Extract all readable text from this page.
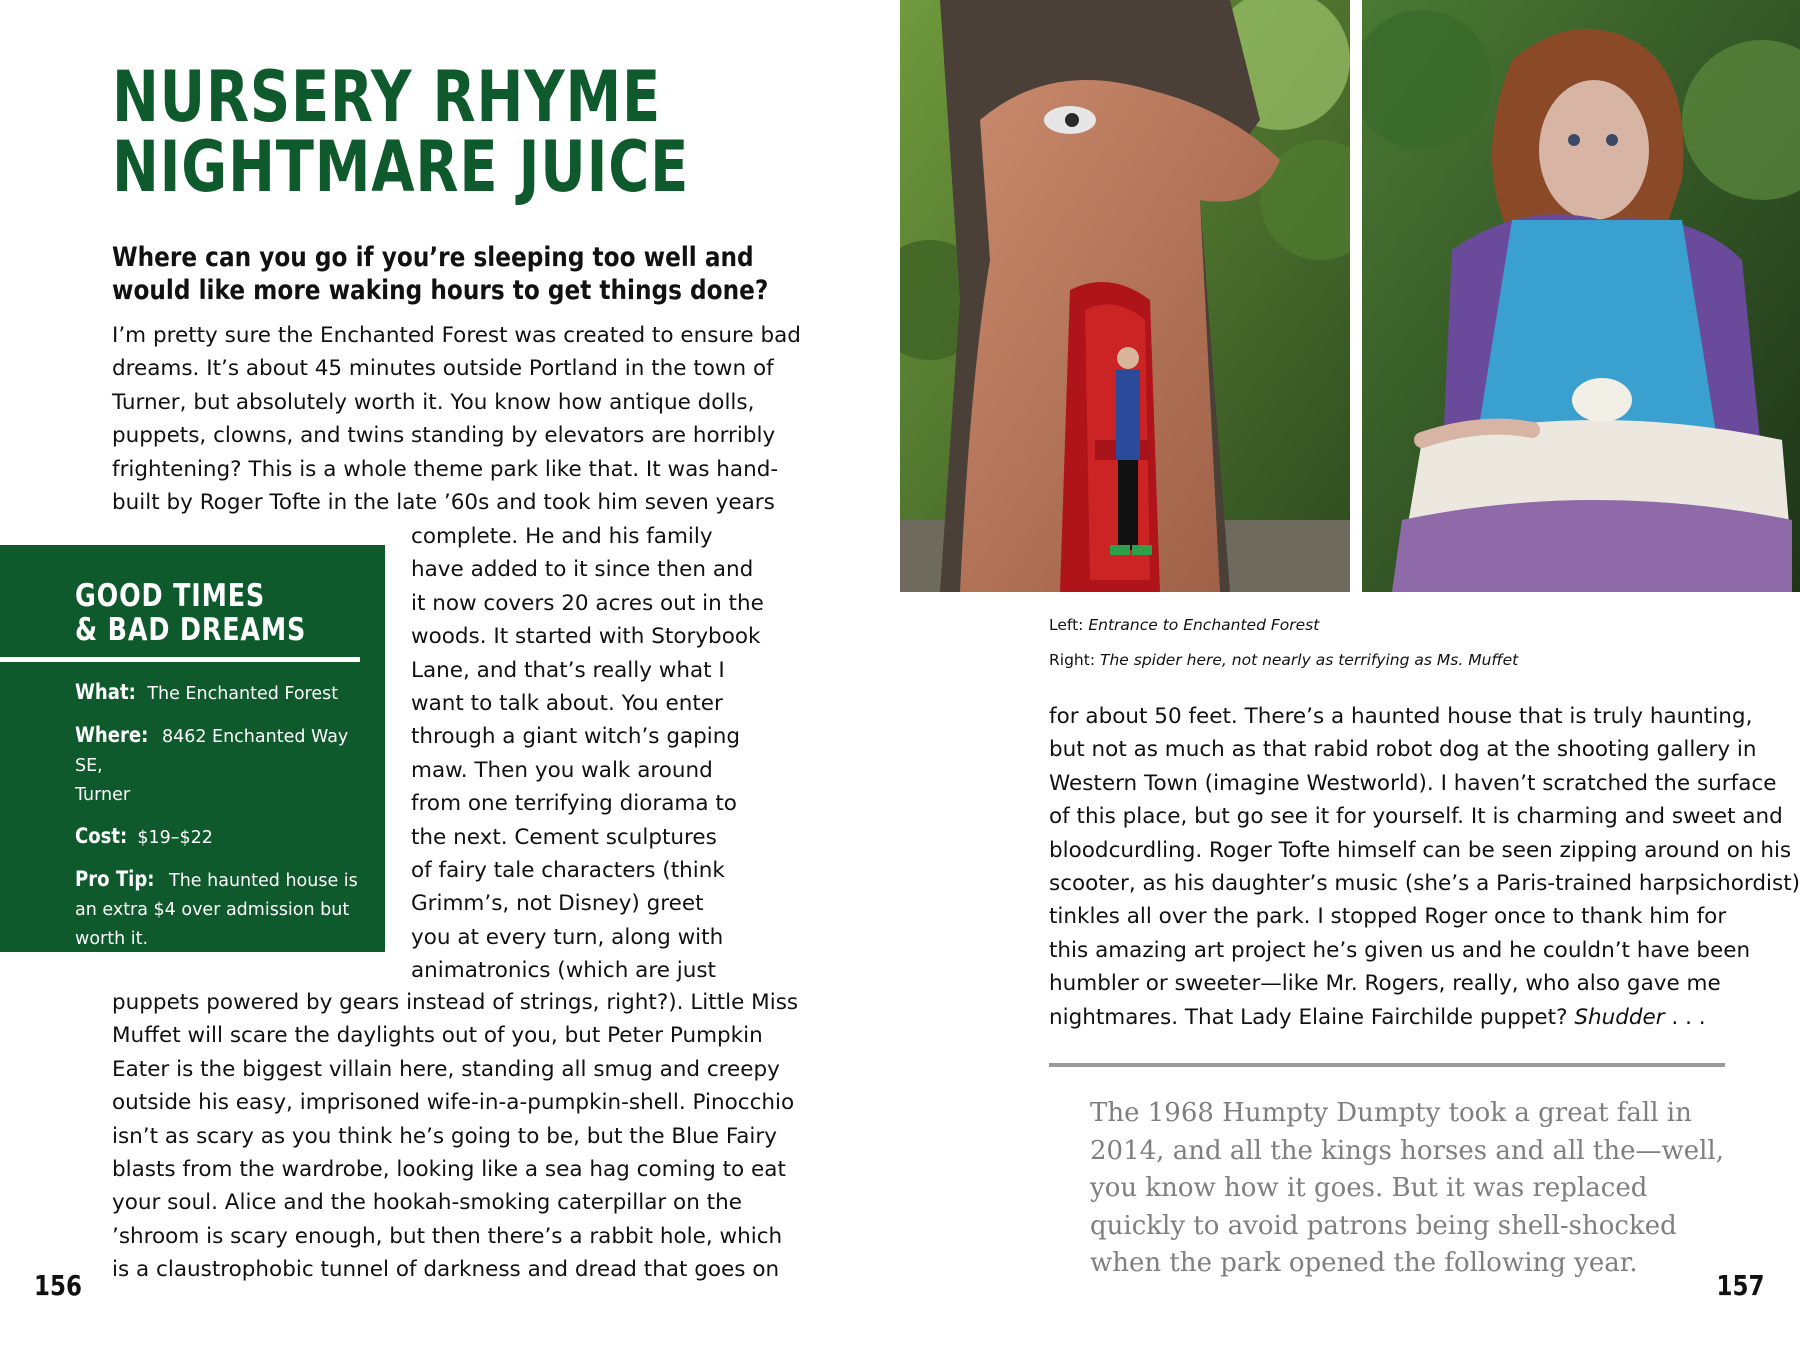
NURSERY RHYME
NIGHTMARE JUICE
Where can you go if you’re sleeping too well and
would like more waking hours to get things done?
I’m pretty sure the Enchanted Forest was created to ensure bad
dreams. It’s about 45 minutes outside Portland in the town of
Turner, but absolutely worth it. You know how antique dolls,
puppets, clowns, and twins standing by elevators are horribly
frightening? This is a whole theme park like that. It was hand-
built by Roger Tofte in the late ’60s and took him seven years
complete. He and his family
have added to it since then and
it now covers 20 acres out in the
woods. It started with Storybook
Lane, and that’s really what I
want to talk about. You enter
through a giant witch’s gaping
maw. Then you walk around
from one terrifying diorama to
the next. Cement sculptures
of fairy tale characters (think
Grimm’s, not Disney) greet
you at every turn, along with
animatronics (which are just
puppets powered by gears instead of strings, right?). Little Miss
Muffet will scare the daylights out of you, but Peter Pumpkin
Eater is the biggest villain here, standing all smug and creepy
outside his easy, imprisoned wife-in-a-pumpkin-shell. Pinocchio
isn’t as scary as you think he’s going to be, but the Blue Fairy
blasts from the wardrobe, looking like a sea hag coming to eat
your soul. Alice and the hookah-smoking caterpillar on the
’shroom is scary enough, but then there’s a rabbit hole, which
is a claustrophobic tunnel of darkness and dread that goes on
GOOD TIMES
& BAD DREAMS
What: The Enchanted Forest
Where: 8462 Enchanted Way SE,
Turner
Cost: $19–$22
Pro Tip: The haunted house is
an extra $4 over admission but
worth it.
156
Left: Entrance to Enchanted Forest
Right: The spider here, not nearly as terrifying as Ms. Muffet
for about 50 feet. There’s a haunted house that is truly haunting,
but not as much as that rabid robot dog at the shooting gallery in
Western Town (imagine Westworld). I haven’t scratched the surface
of this place, but go see it for yourself. It is charming and sweet and
bloodcurdling. Roger Tofte himself can be seen zipping around on his
scooter, as his daughter’s music (she’s a Paris-trained harpsichordist)
tinkles all over the park. I stopped Roger once to thank him for
this amazing art project he’s given us and he couldn’t have been
humbler or sweeter—like Mr. Rogers, really, who also gave me
nightmares. That Lady Elaine Fairchilde puppet? Shudder . . .
The 1968 Humpty Dumpty took a great fall in
2014, and all the kings horses and all the—well,
you know how it goes. But it was replaced
quickly to avoid patrons being shell-shocked
when the park opened the following year.
157
